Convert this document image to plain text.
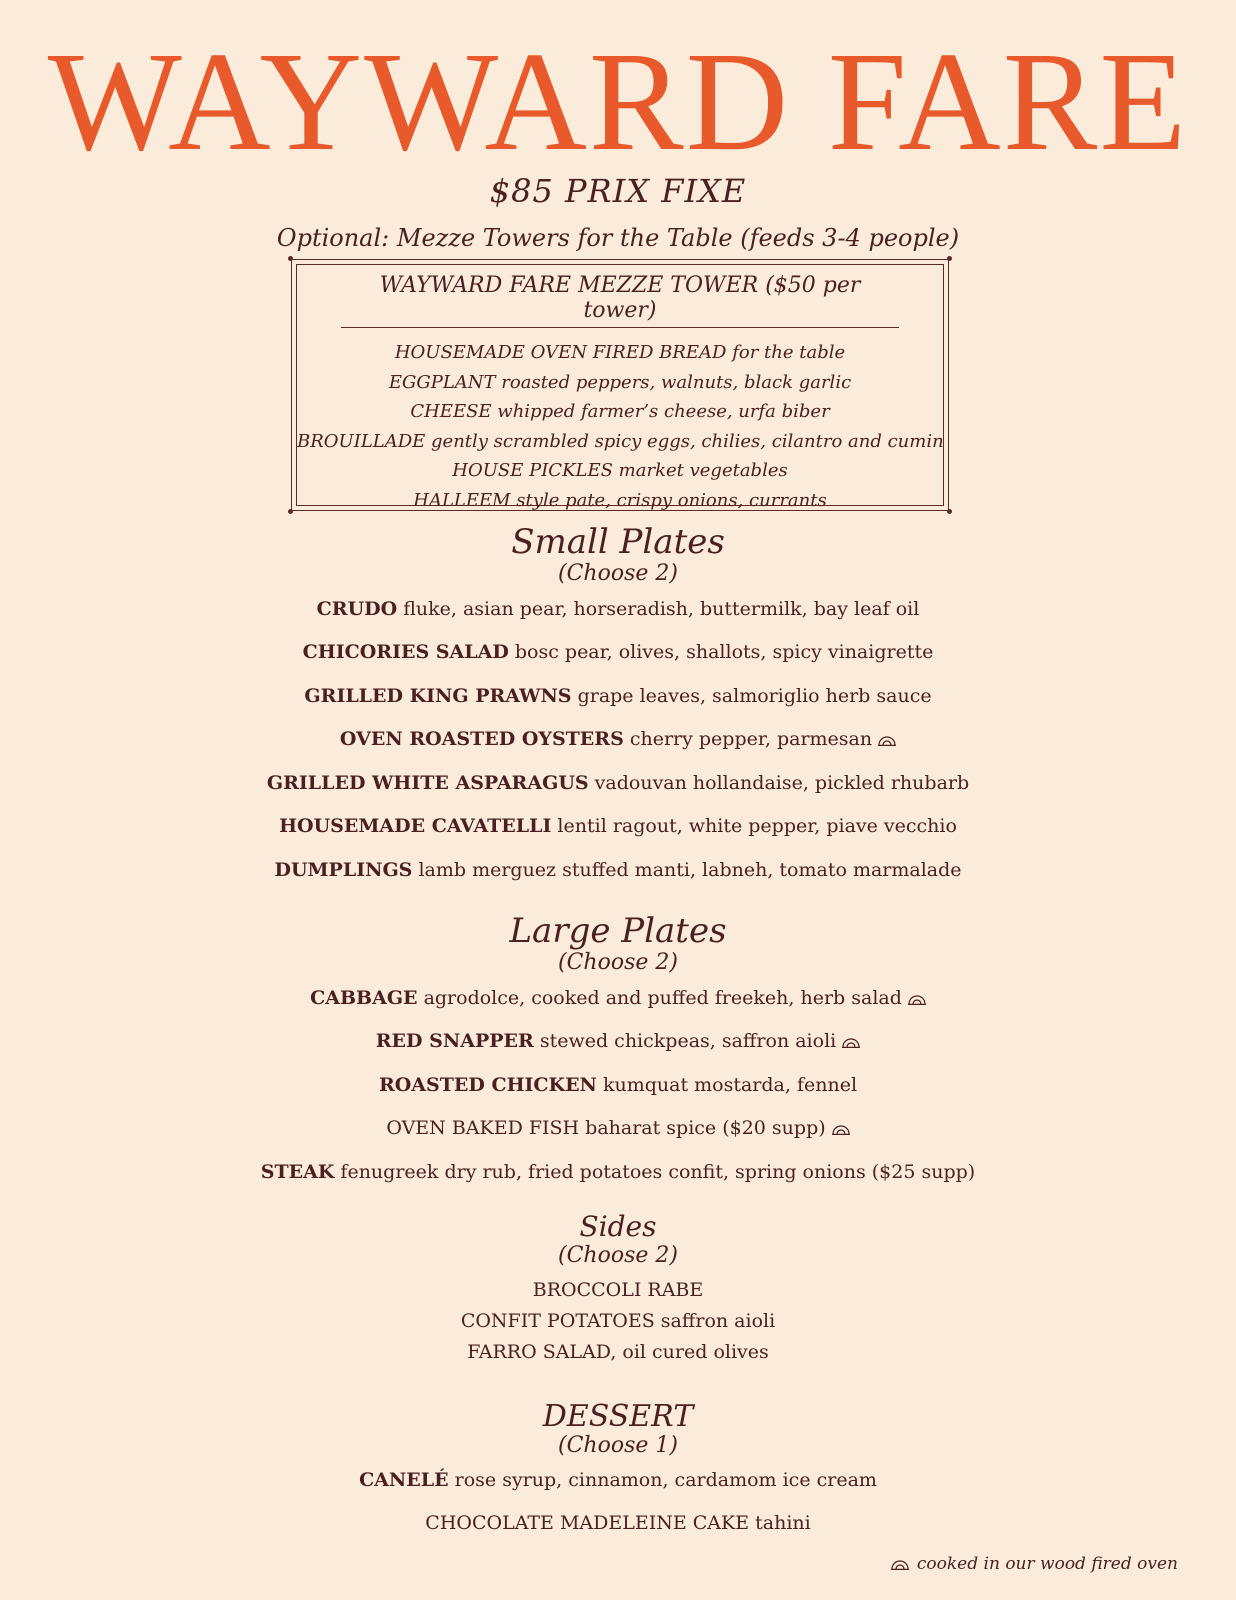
WAYWARD FARE
$85 PRIX FIXE
Optional: Mezze Towers for the Table (feeds 3-4 people)
WAYWARD FARE MEZZE TOWER ($50 per tower)
HOUSEMADE OVEN FIRED BREAD for the table
EGGPLANT roasted peppers, walnuts, black garlic
CHEESE whipped farmer’s cheese, urfa biber
BROUILLADE gently scrambled spicy eggs, chilies, cilantro and cumin
HOUSE PICKLES market vegetables
HALLEEM style pate, crispy onions, currants
Small Plates
(Choose 2)
CRUDO fluke, asian pear, horseradish, buttermilk, bay leaf oil
CHICORIES SALAD bosc pear, olives, shallots, spicy vinaigrette
GRILLED KING PRAWNS grape leaves, salmoriglio herb sauce
OVEN ROASTED OYSTERS cherry pepper, parmesan
GRILLED WHITE ASPARAGUS vadouvan hollandaise, pickled rhubarb
HOUSEMADE CAVATELLI lentil ragout, white pepper, piave vecchio
DUMPLINGS lamb merguez stuffed manti, labneh, tomato marmalade
Large Plates
(Choose 2)
CABBAGE agrodolce, cooked and puffed freekeh, herb salad
RED SNAPPER stewed chickpeas, saffron aioli
ROASTED CHICKEN kumquat mostarda, fennel
OVEN BAKED FISH baharat spice ($20 supp)
STEAK fenugreek dry rub, fried potatoes confit, spring onions ($25 supp)
Sides
(Choose 2)
BROCCOLI RABE
CONFIT POTATOES saffron aioli
FARRO SALAD, oil cured olives
DESSERT
(Choose 1)
CANELÉ rose syrup, cinnamon, cardamom ice cream
CHOCOLATE MADELEINE CAKE tahini
cooked in our wood fired oven
